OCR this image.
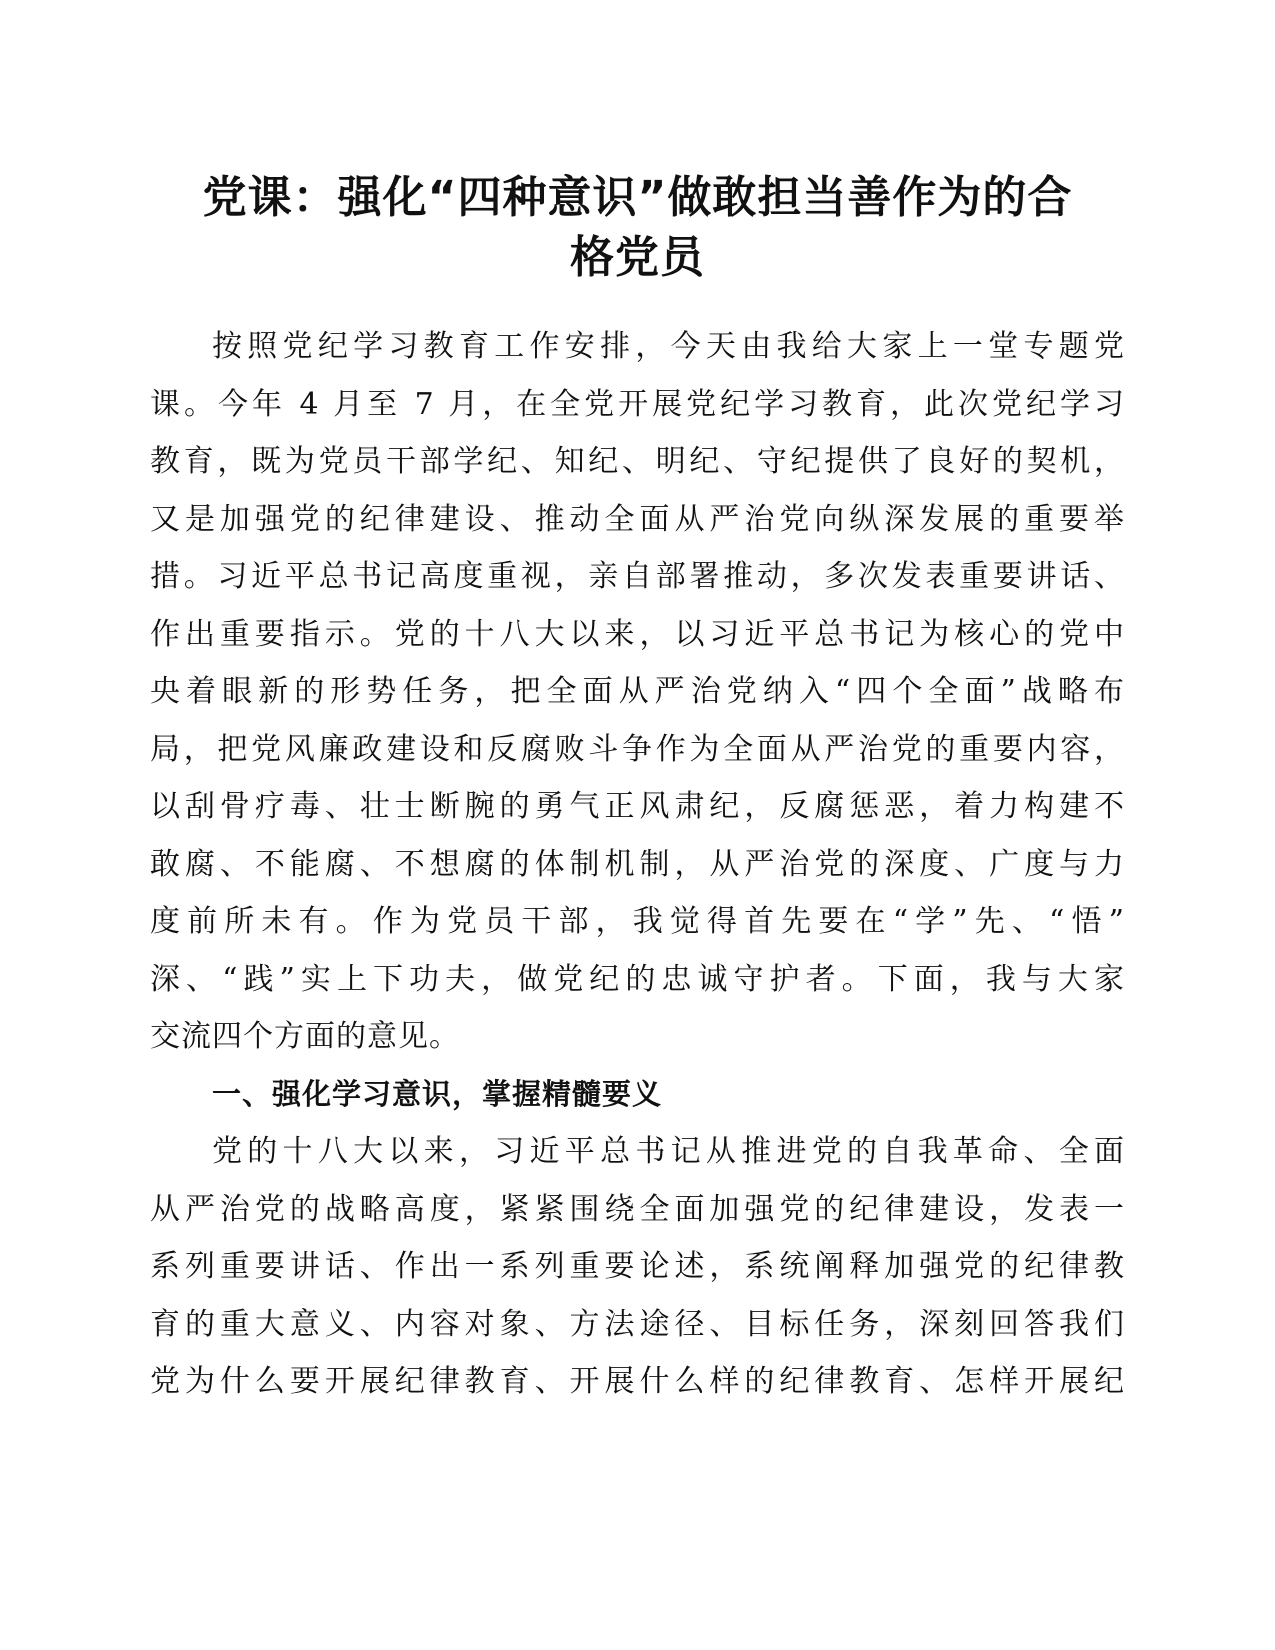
党课：强化“四种意识”做敢担当善作为的合
格党员

按照党纪学习教育工作安排，今天由我给大家上一堂专题党
课。今年 4 月至 7 月，在全党开展党纪学习教育，此次党纪学习
教育，既为党员干部学纪、知纪、明纪、守纪提供了良好的契机，
又是加强党的纪律建设、推动全面从严治党向纵深发展的重要举
措。习近平总书记高度重视，亲自部署推动，多次发表重要讲话、
作出重要指示。党的十八大以来，以习近平总书记为核心的党中
央着眼新的形势任务，把全面从严治党纳入“四个全面”战略布
局，把党风廉政建设和反腐败斗争作为全面从严治党的重要内容，
以刮骨疗毒、壮士断腕的勇气正风肃纪，反腐惩恶，着力构建不
敢腐、不能腐、不想腐的体制机制，从严治党的深度、广度与力
度前所未有。作为党员干部，我觉得首先要在“学”先、“悟”
深、“践”实上下功夫，做党纪的忠诚守护者。下面，我与大家
交流四个方面的意见。

一、强化学习意识，掌握精髓要义

党的十八大以来，习近平总书记从推进党的自我革命、全面
从严治党的战略高度，紧紧围绕全面加强党的纪律建设，发表一
系列重要讲话、作出一系列重要论述，系统阐释加强党的纪律教
育的重大意义、内容对象、方法途径、目标任务，深刻回答我们
党为什么要开展纪律教育、开展什么样的纪律教育、怎样开展纪
